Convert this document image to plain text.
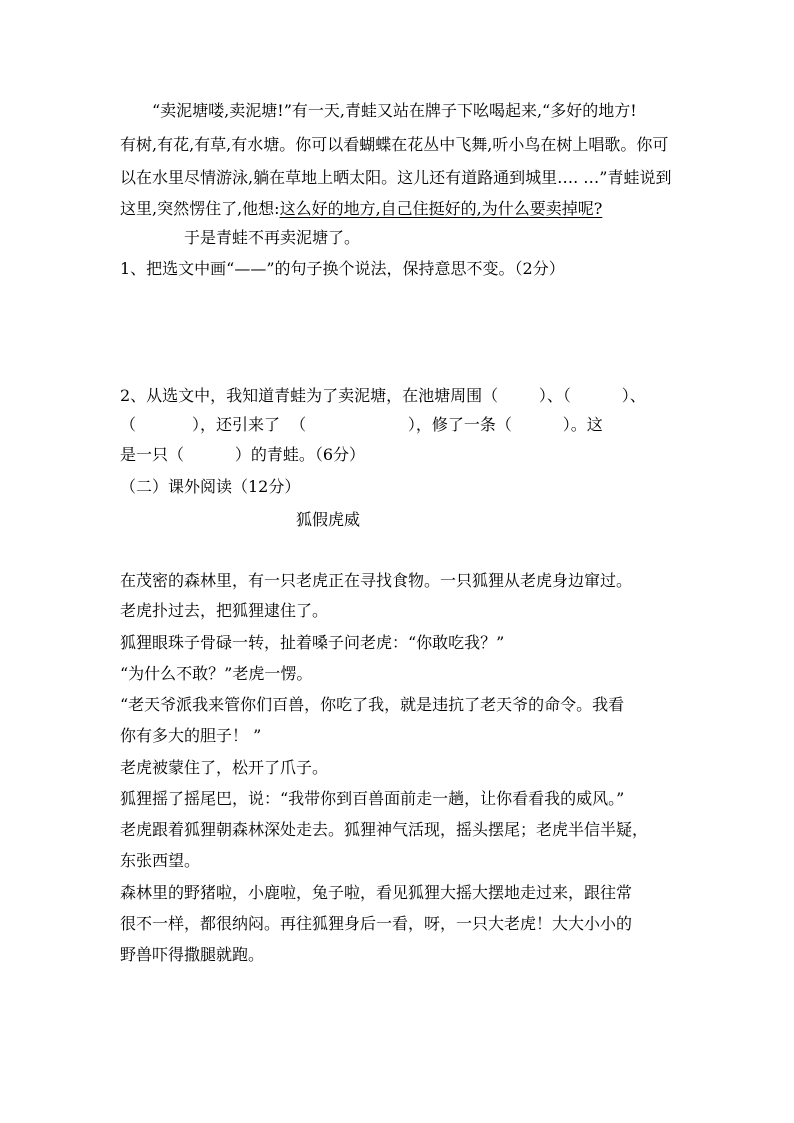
“卖泥塘喽,卖泥塘!”有一天,青蛙又站在牌子下吆喝起来,“多好的地方!
有树,有花,有草,有水塘。你可以看蝴蝶在花丛中飞舞,听小鸟在树上唱歌。你可
以在水里尽情游泳,躺在草地上晒太阳。这儿还有道路通到城里…. …”青蛙说到
这里,突然愣住了,他想:这么好的地方,自己住挺好的,为什么要卖掉呢?
于是青蛙不再卖泥塘了。
1、把选文中画“——”的句子换个说法，保持意思不变。（2分）
2、从选文中，我知道青蛙为了卖泥塘，在池塘周围（        ）、（          ）、
（           ），还引来了  （                    ），修了一条（          ）。这
是一只（          ）的青蛙。（6分）
（二）课外阅读（12分）
狐假虎威
在茂密的森林里，有一只老虎正在寻找食物。一只狐狸从老虎身边窜过。
老虎扑过去，把狐狸逮住了。
狐狸眼珠子骨碌一转，扯着嗓子问老虎：“你敢吃我？”
“为什么不敢？”老虎一愣。
“老天爷派我来管你们百兽，你吃了我，就是违抗了老天爷的命令。我看
你有多大的胆子！ ”
老虎被蒙住了，松开了爪子。
狐狸摇了摇尾巴，说：“我带你到百兽面前走一趟，让你看看我的威风。”
老虎跟着狐狸朝森林深处走去。狐狸神气活现，摇头摆尾；老虎半信半疑，
东张西望。
森林里的野猪啦，小鹿啦，兔子啦，看见狐狸大摇大摆地走过来，跟往常
很不一样，都很纳闷。再往狐狸身后一看，呀，一只大老虎！大大小小的
野兽吓得撒腿就跑。
